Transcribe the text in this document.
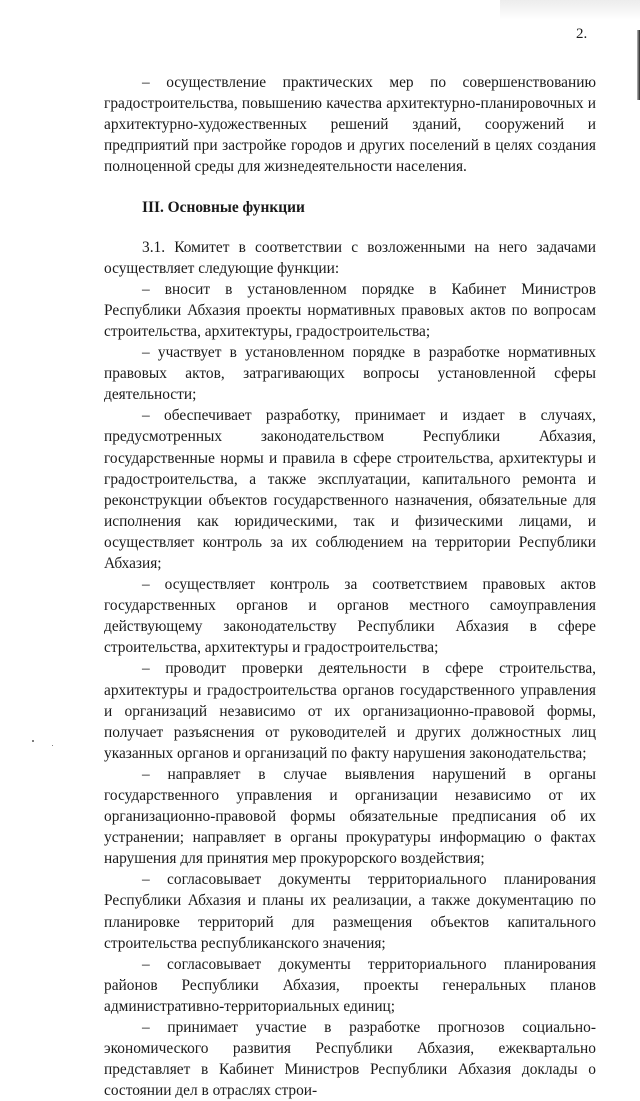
2.

– осуществление практических мер по совершенствованию градостроительства, повышению качества архитектурно-планировочных и архитектурно-художественных решений зданий, сооружений и предприятий при застройке городов и других поселений в целях создания полноценной среды для жизнедеятельности населения.

III. Основные функции

3.1. Комитет в соответствии с возложенными на него задачами осуществляет следующие функции:

– вносит в установленном порядке в Кабинет Министров Республики Абхазия проекты нормативных правовых актов по вопросам строительства, архитектуры, градостроительства;

– участвует в установленном порядке в разработке нормативных правовых актов, затрагивающих вопросы установленной сферы деятельности;

– обеспечивает разработку, принимает и издает в случаях, предусмотренных законодательством Республики Абхазия, государственные нормы и правила в сфере строительства, архитектуры и градостроительства, а также эксплуатации, капитального ремонта и реконструкции объектов государственного назначения, обязательные для исполнения как юридическими, так и физическими лицами, и осуществляет контроль за их соблюдением на территории Республики Абхазия;

– осуществляет контроль за соответствием правовых актов государственных органов и органов местного самоуправления действующему законодательству Республики Абхазия в сфере строительства, архитектуры и градостроительства;

– проводит проверки деятельности в сфере строительства, архитектуры и градостроительства органов государственного управления и организаций независимо от их организационно-правовой формы, получает разъяснения от руководителей и других должностных лиц указанных органов и организаций по факту нарушения законодательства;

– направляет в случае выявления нарушений в органы государственного управления и организации независимо от их организационно-правовой формы обязательные предписания об их устранении; направляет в органы прокуратуры информацию о фактах нарушения для принятия мер прокурорского воздействия;

– согласовывает документы территориального планирования Республики Абхазия и планы их реализации, а также документацию по планировке территорий для размещения объектов капитального строительства республиканского значения;

– согласовывает документы территориального планирования районов Республики Абхазия, проекты генеральных планов административно-территориальных единиц;

– принимает участие в разработке прогнозов социально-экономического развития Республики Абхазия, ежеквартально представляет в Кабинет Министров Республики Абхазия доклады о состоянии дел в отраслях строи-
